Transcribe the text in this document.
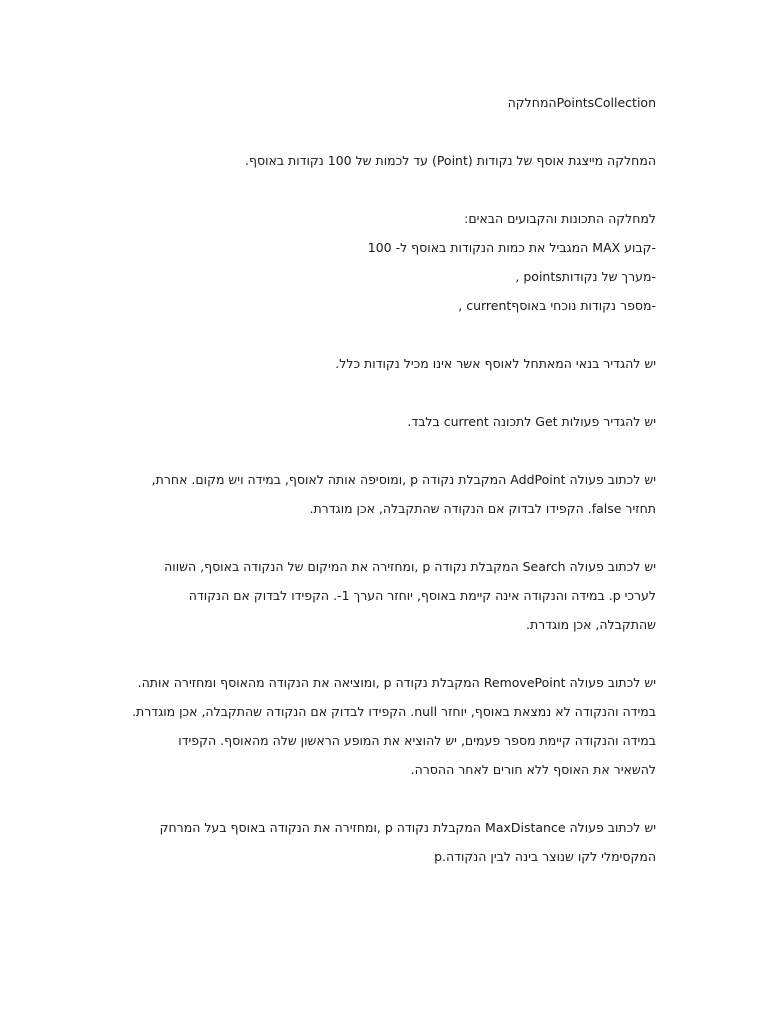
PointsCollectionהמחלקה

המחלקה מייצגת אוסף של נקודות (Point) עד לכמות של 100 נקודות באוסף.

למחלקה התכונות והקבועים הבאים:

-קבוע MAX המגביל את כמות הנקודות באוסף ל- 100

-מערך של נקודותpoints ,

-מספר נקודות נוכחי באוסףcurrent ,

יש להגדיר בנאי המאתחל לאוסף אשר אינו מכיל נקודות כלל.

יש להגדיר פעולות Get לתכונה current בלבד.

יש לכתוב פעולה AddPoint המקבלת נקודה p ,ומוסיפה אותה לאוסף, במידה ויש מקום. אחרת,

תחזיר false. הקפידו לבדוק אם הנקודה שהתקבלה, אכן מוגדרת.

יש לכתוב פעולה Search המקבלת נקודה p ,ומחזירה את המיקום של הנקודה באוסף, השווה

לערכי p. במידה והנקודה אינה קיימת באוסף, יוחזר הערך 1-. הקפידו לבדוק אם הנקודה

שהתקבלה, אכן מוגדרת.

יש לכתוב פעולה RemovePoint המקבלת נקודה p ,ומוציאה את הנקודה מהאוסף ומחזירה אותה.

במידה והנקודה לא נמצאת באוסף, יוחזר null. הקפידו לבדוק אם הנקודה שהתקבלה, אכן מוגדרת.

במידה והנקודה קיימת מספר פעמים, יש להוציא את המופע הראשון שלה מהאוסף. הקפידו

להשאיר את האוסף ללא חורים לאחר ההסרה.

יש לכתוב פעולה MaxDistance המקבלת נקודה p ,ומחזירה את הנקודה באוסף בעל המרחק

המקסימלי לקו שנוצר בינה לבין הנקודה.p
